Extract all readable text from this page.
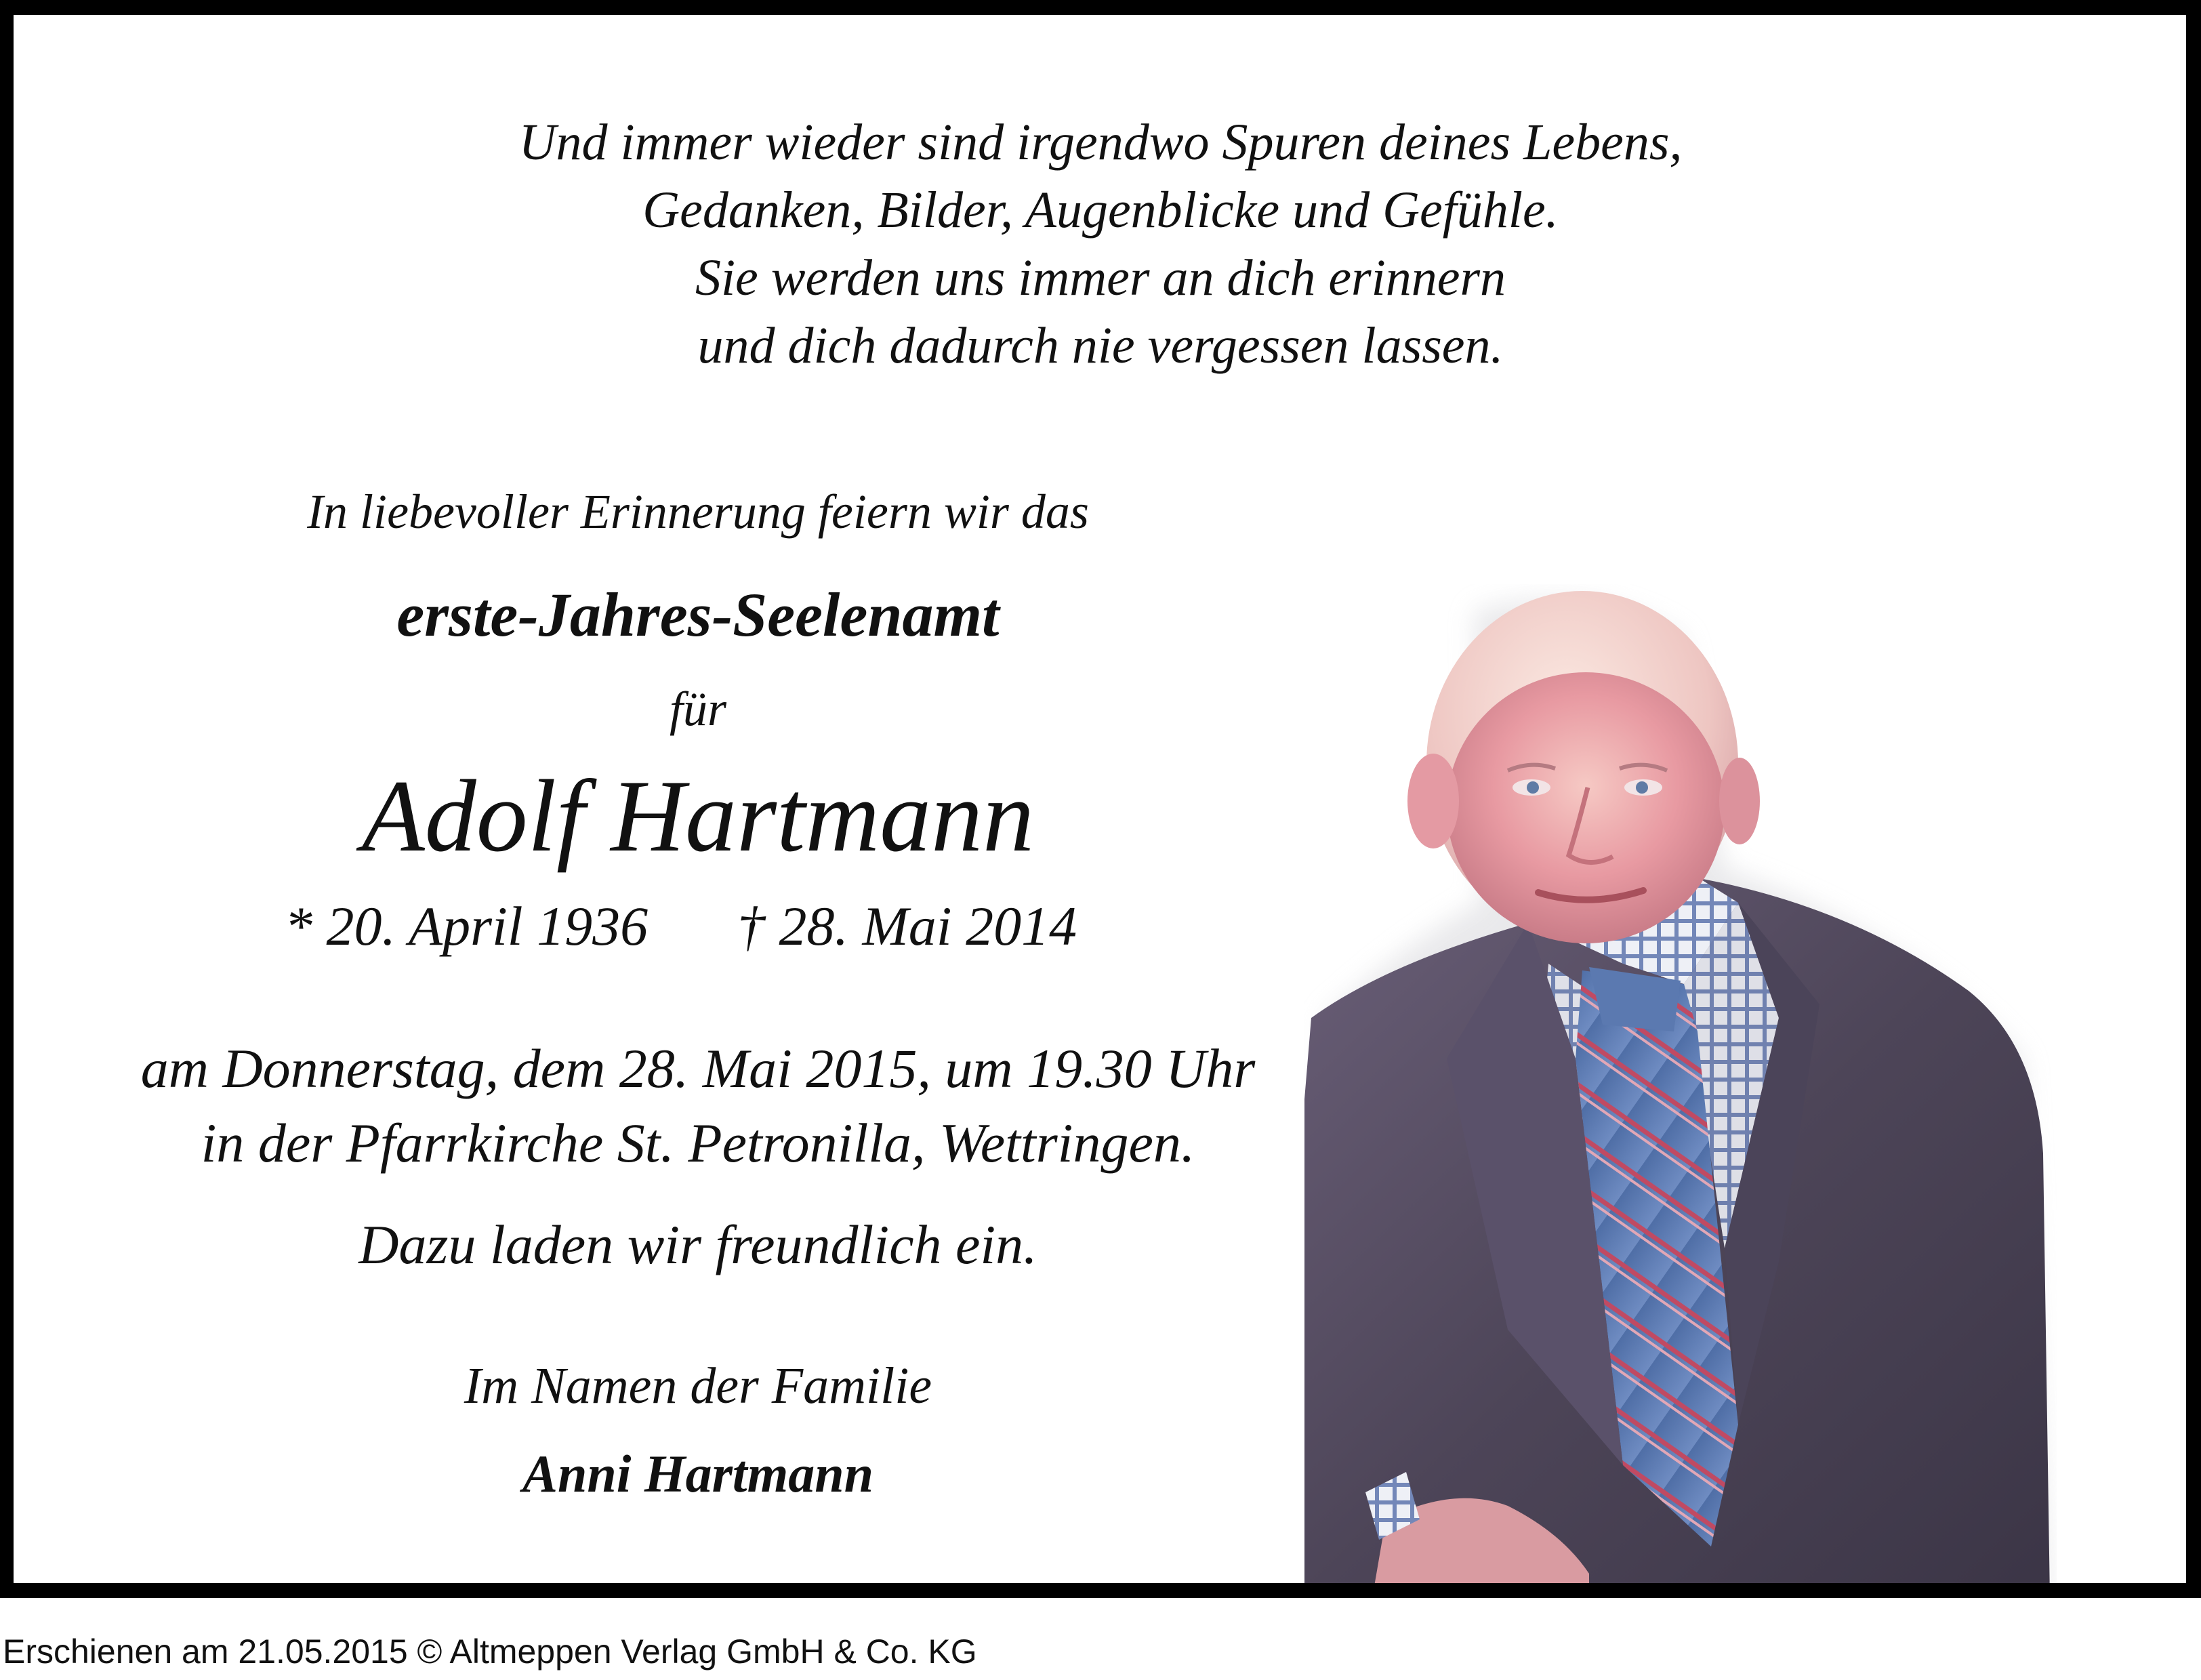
Und immer wieder sind irgendwo Spuren deines Lebens,
Gedanken, Bilder, Augenblicke und Gefühle.
Sie werden uns immer an dich erinnern
und dich dadurch nie vergessen lassen.
In liebevoller Erinnerung feiern wir das
erste-Jahres-Seelenamt
für
Adolf Hartmann
* 20. April 1936 † 28. Mai 2014
am Donnerstag, dem 28. Mai 2015, um 19.30 Uhr
in der Pfarrkirche St. Petronilla, Wettringen.
Dazu laden wir freundlich ein.
Im Namen der Familie
Anni Hartmann
Erschienen am 21.05.2015 © Altmeppen Verlag GmbH & Co. KG
